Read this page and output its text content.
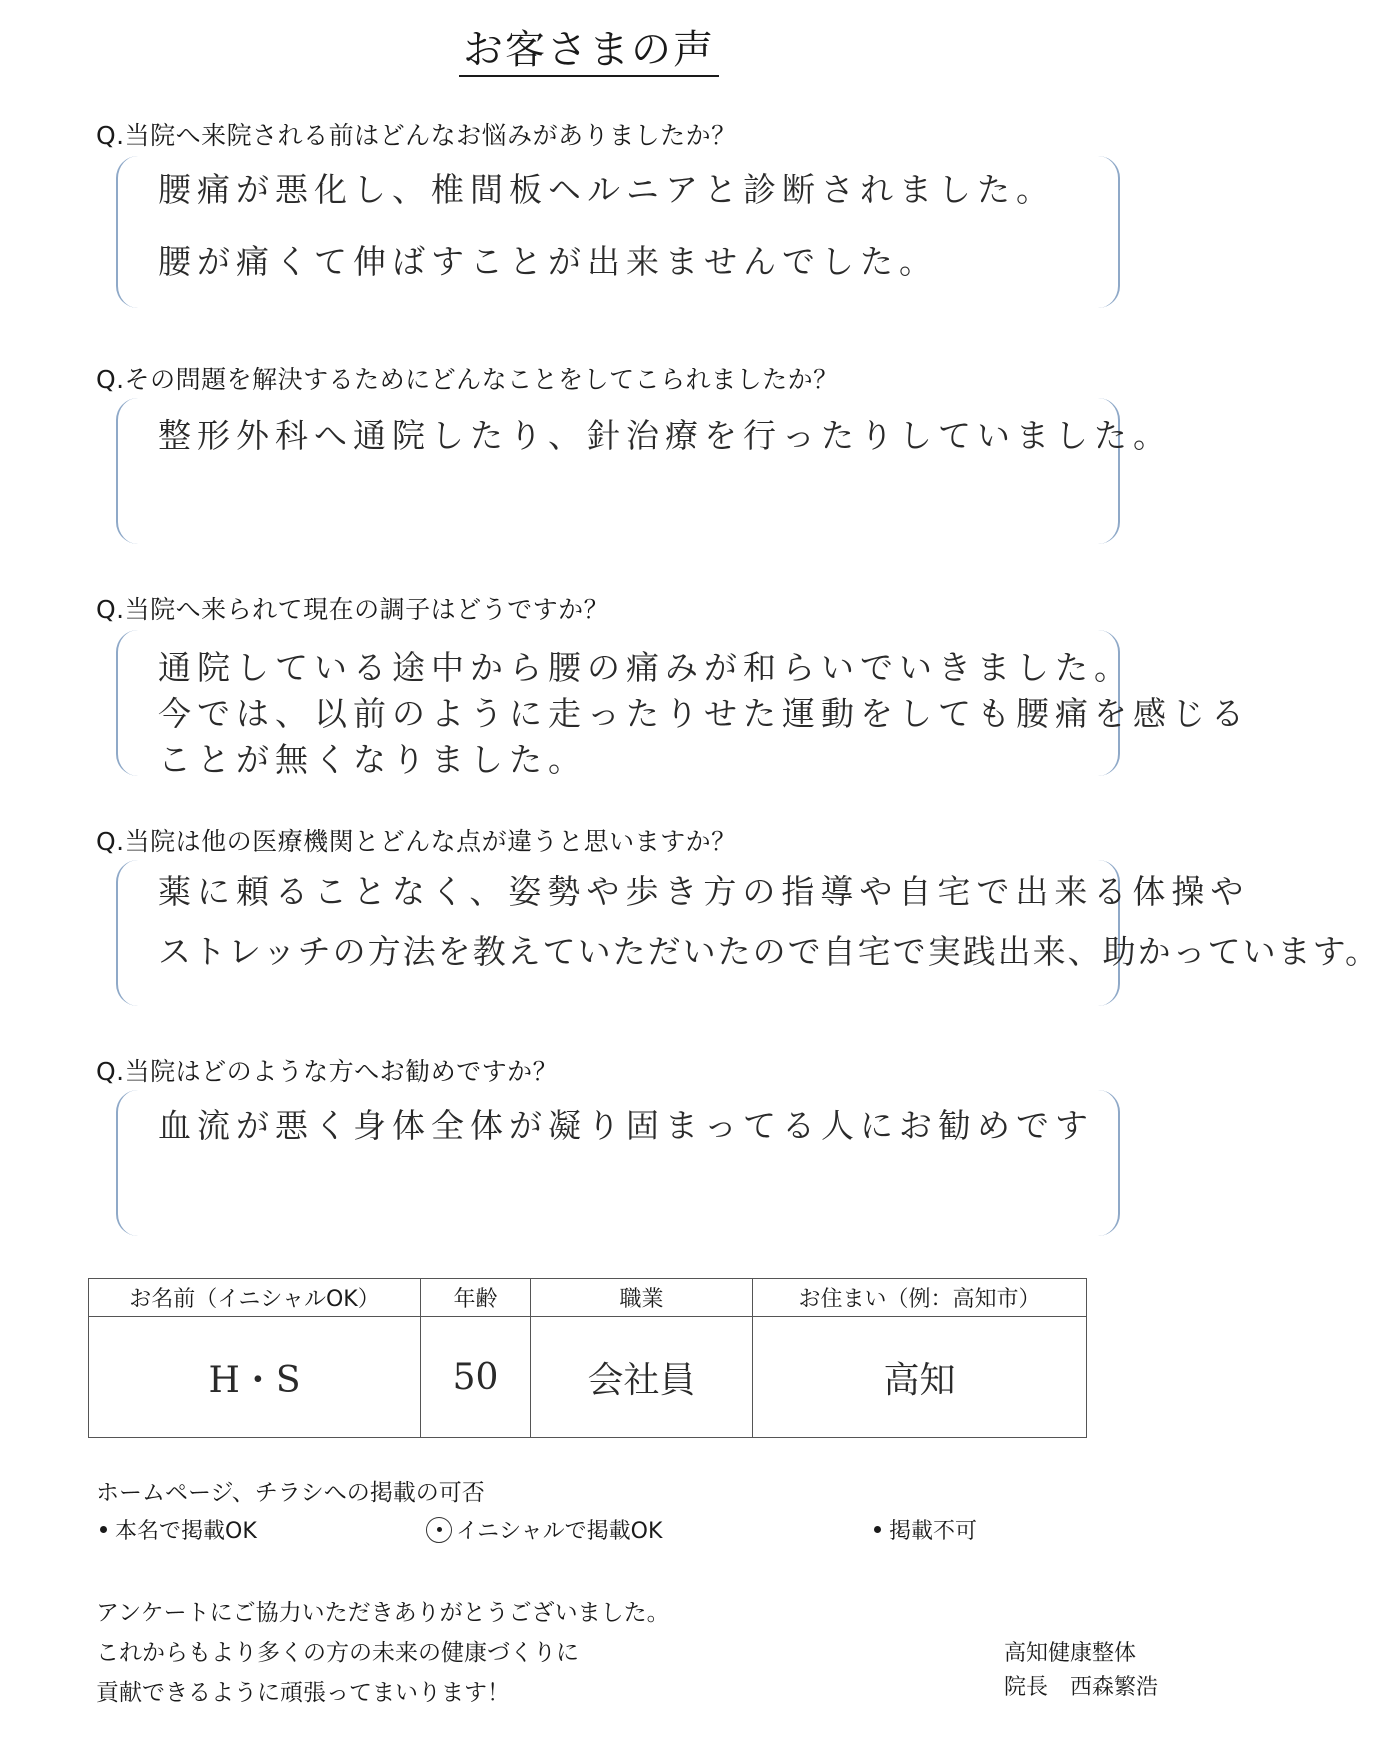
お客さまの声
Q.当院へ来院される前はどんなお悩みがありましたか？
腰痛が悪化し、椎間板ヘルニアと診断されました。
腰が痛くて伸ばすことが出来ませんでした。
Q.その問題を解決するためにどんなことをしてこられましたか？
整形外科へ通院したり、針治療を行ったりしていました。
Q.当院へ来られて現在の調子はどうですか？
通院している途中から腰の痛みが和らいでいきました。
今では、以前のように走ったりせた運動をしても腰痛を感じる
ことが無くなりました。
Q.当院は他の医療機関とどんな点が違うと思いますか？
薬に頼ることなく、姿勢や歩き方の指導や自宅で出来る体操や
ストレッチの方法を教えていただいたので自宅で実践出来、助かっています。
Q.当院はどのような方へお勧めですか？
血流が悪く身体全体が凝り固まってる人にお勧めです
お名前（イニシャルOK）	年齢	職業	お住まい（例：高知市）
H・S	50	会社員	高知
ホームページ、チラシへの掲載の可否
本名で掲載OK	イニシャルで掲載OK	掲載不可
アンケートにご協力いただきありがとうございました。
これからもより多くの方の未来の健康づくりに
貢献できるように頑張ってまいります！
高知健康整体
院長　西森繁浩
